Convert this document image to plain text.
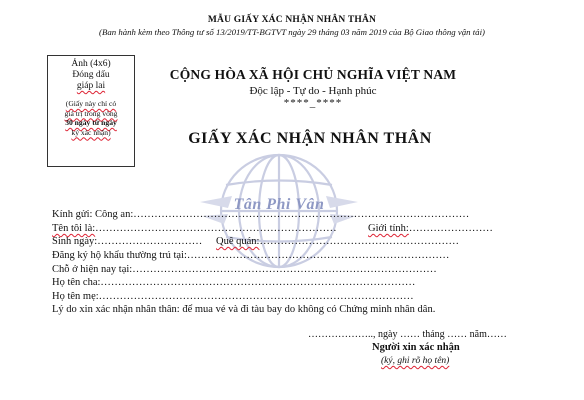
MẪU GIẤY XÁC NHẬN NHÂN THÂN
(Ban hành kèm theo Thông tư số 13/2019/TT-BGTVT ngày 29 tháng 03 năm 2019 của Bộ Giao thông vận tải)
Ảnh (4x6)
Đóng dấu
giáp lai
(Giấy này chỉ có
giá trị trong vòng
30 ngày từ ngày
ký xác nhận)
CỘNG HÒA XÃ HỘI CHỦ NGHĨA VIỆT NAM
Độc lập - Tự do - Hạnh phúc
****_****
Tân Phi Vân
GIẤY XÁC NHẬN NHÂN THÂN
Kính gửi: Công an:……………………………………………………………………………………
Tên tôi là:……………………………………………………………	Giới tính:……………………
Sinh ngày:………………………… Quê quán:…………………………………………………
Đăng ký hộ khẩu thường trú tại:…………………………………………………………………
Chỗ ở hiện nay tại:……………………………………………………………………………
Họ tên cha:………………………………………………………………………………
Họ tên mẹ:………………………………………………………………………………
Lý do xin xác nhận nhân thân: để mua vé và đi tàu bay do không có Chứng minh nhân dân.
……………….., ngày …… tháng …… năm……
Người xin xác nhận
(ký, ghi rõ họ tên)
